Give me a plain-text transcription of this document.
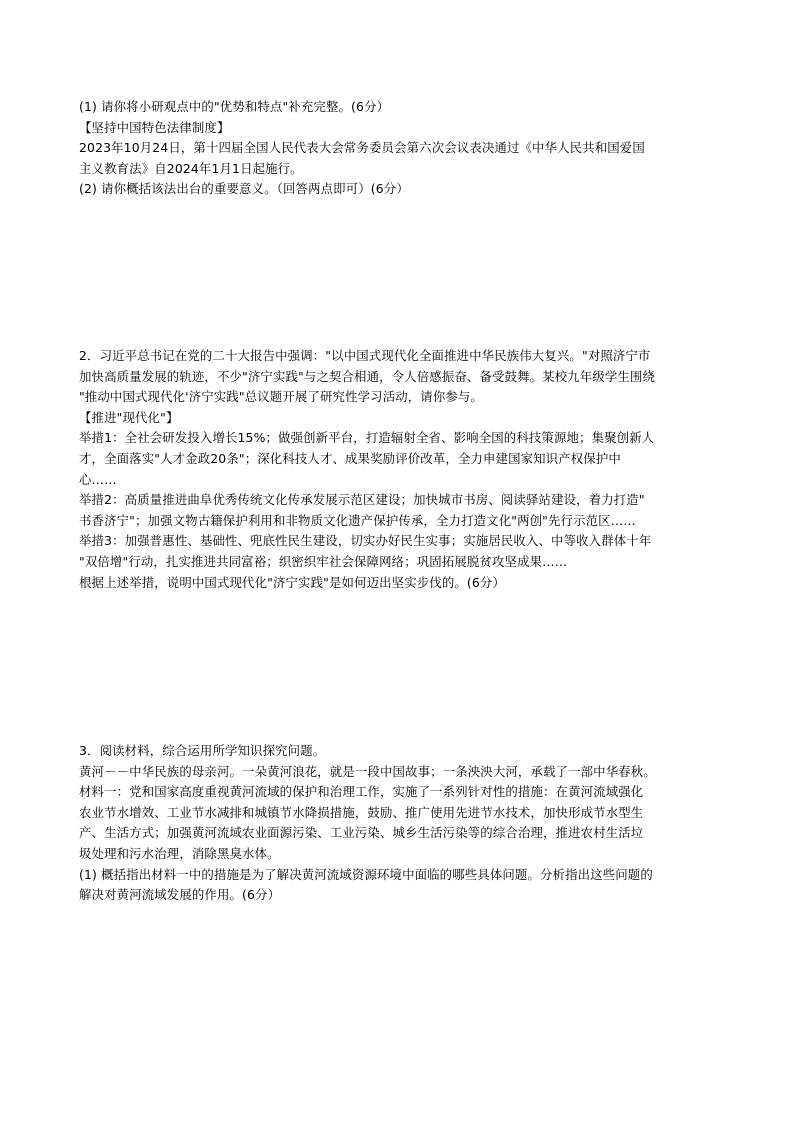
(1) 请你将小研观点中的"优势和特点"补充完整。(6分）
【坚持中国特色法律制度】
2023年10月24日，第十四届全国人民代表大会常务委员会第六次会议表决通过《中华人民共和国爱国
主义教育法》自2024年1月1日起施行。
(2) 请你概括该法出台的重要意义。（回答两点即可）(6分）
2．习近平总书记在党的二十大报告中强调："以中国式现代化全面推进中华民族伟大复兴。"对照济宁市
加快高质量发展的轨迹，不少"济宁实践"与之契合相通，令人倍感振奋、备受鼓舞。某校九年级学生围绕
"推动中国式现代化'济宁实践"总议题开展了研究性学习活动，请你参与。
【推进"现代化"】
举措1：全社会研发投入增长15%；做强创新平台，打造辐射全省、影响全国的科技策源地；集聚创新人
才，全面落实"人才金政20条"；深化科技人才、成果奖励评价改革，全力申建国家知识产权保护中
心……
举措2：高质量推进曲阜优秀传统文化传承发展示范区建设；加快城市书房、阅读驿站建设，着力打造"
书香济宁"；加强文物古籍保护利用和非物质文化遗产保护传承，全力打造文化"两创"先行示范区……
举措3：加强普惠性、基础性、兜底性民生建设，切实办好民生实事；实施居民收入、中等收入群体十年
"双倍增"行动，扎实推进共同富裕；织密织牢社会保障网络；巩固拓展脱贫攻坚成果……
根据上述举措，说明中国式现代化"济宁实践"是如何迈出坚实步伐的。(6分）
3．阅读材料，综合运用所学知识探究问题。
黄河－－中华民族的母亲河。一朵黄河浪花，就是一段中国故事；一条泱泱大河，承载了一部中华春秋。
材料一：党和国家高度重视黄河流域的保护和治理工作，实施了一系列针对性的措施：在黄河流域强化
农业节水增效、工业节水减排和城镇节水降损措施，鼓励、推广使用先进节水技术，加快形成节水型生
产、生活方式；加强黄河流域农业面源污染、工业污染、城乡生活污染等的综合治理，推进农村生活垃
圾处理和污水治理，消除黑臭水体。
(1) 概括指出材料一中的措施是为了解决黄河流域资源环境中面临的哪些具体问题。分析指出这些问题的
解决对黄河流域发展的作用。(6分）
